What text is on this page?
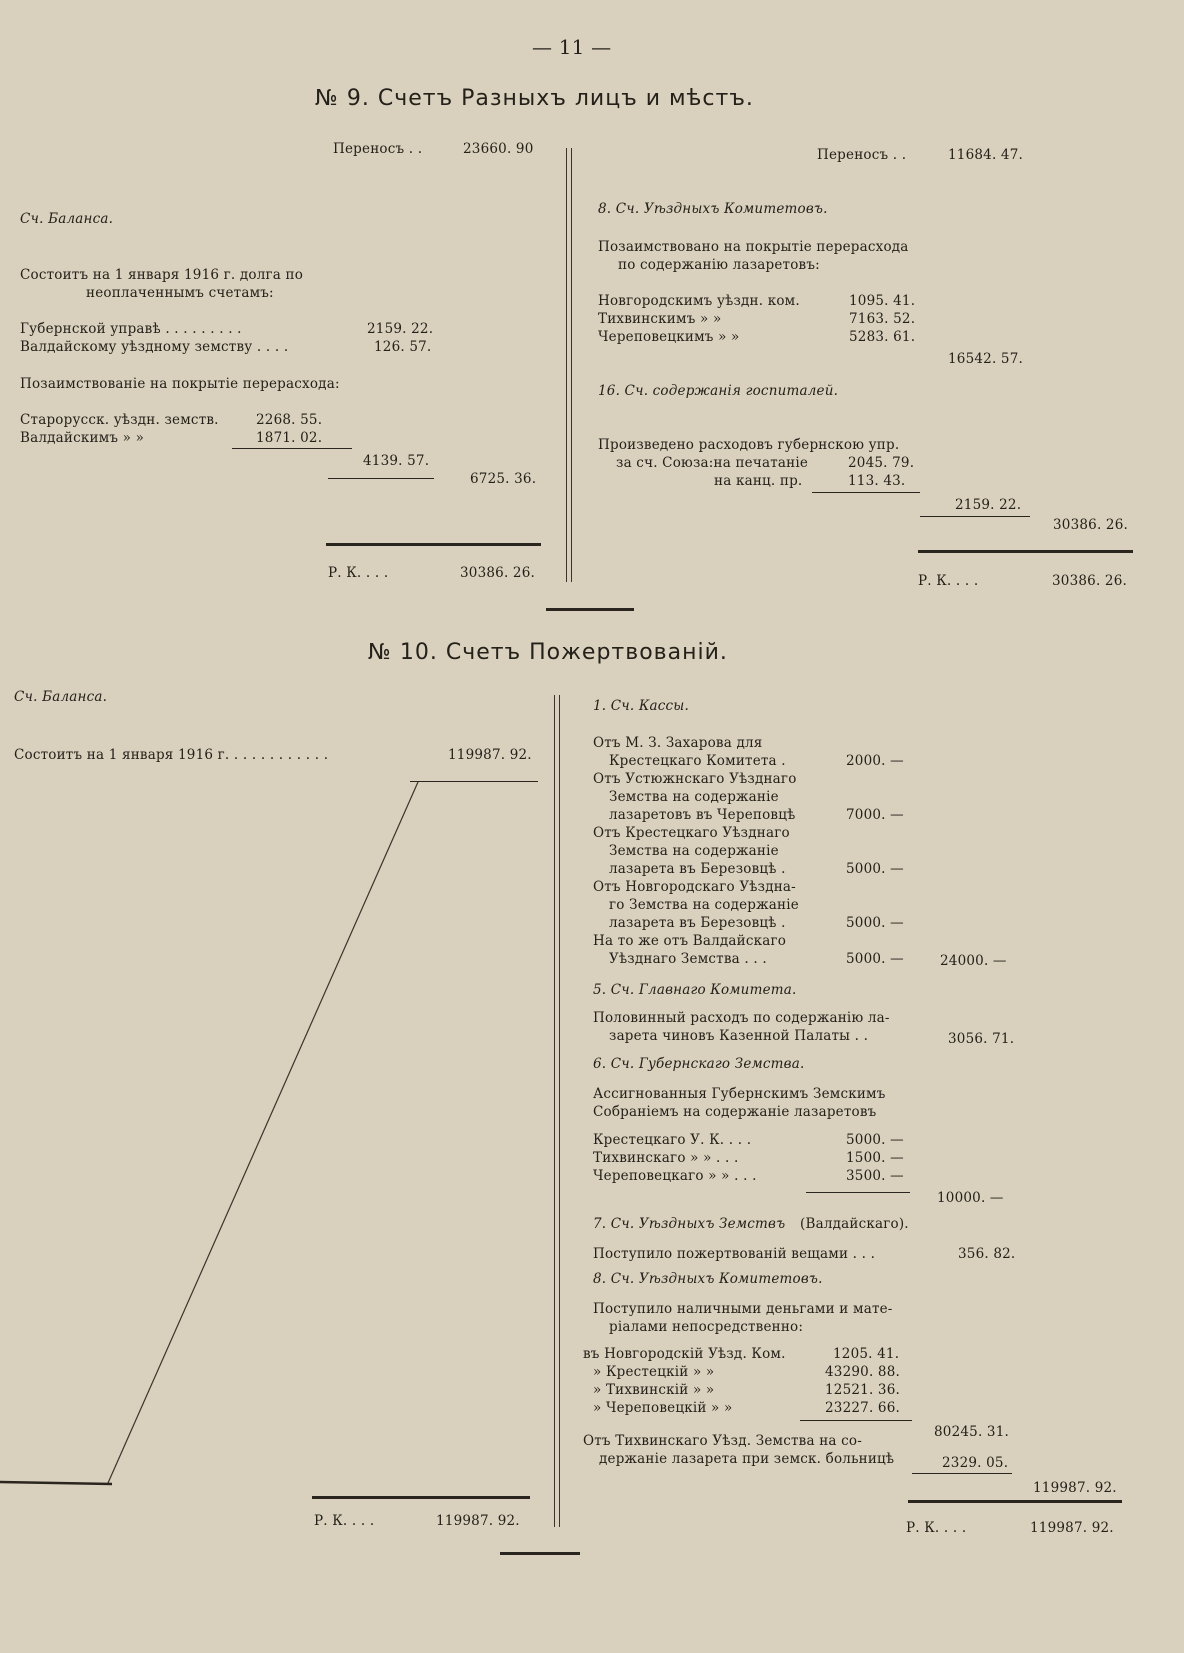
— 11 —
№ 9. Счетъ Разныхъ лицъ и мѣстъ.
Переносъ . .	23660. 90
Сч. Баланса.
Состоитъ на 1 января 1916 г. долга по
неоплаченнымъ счетамъ:
Губернской управѣ . . . . . . . . .	2159. 22.
Валдайскому уѣздному земству . . . .	126. 57.
Позаимствованіе на покрытіе перерасхода:
Старорусск. уѣздн. земств.	2268. 55.
Валдайскимъ » »	1871. 02.
4139. 57.
6725. 36.
Р. К. . . .	30386. 26.
Переносъ . .	11684. 47.
8. Сч. Уѣздныхъ Комитетовъ.
Позаимствовано на покрытіе перерасхода
по содержанію лазаретовъ:
Новгородскимъ уѣздн. ком.	1095. 41.
Тихвинскимъ » »	7163. 52.
Череповецкимъ » »	5283. 61.
16542. 57.
16. Сч. содержанія госпиталей.
Произведено расходовъ губернскою упр.
за сч. Союза:на печатаніе	2045. 79.
на канц. пр.	113. 43.
2159. 22.
30386. 26.
Р. К. . . .	30386. 26.
№ 10. Счетъ Пожертвованій.
Сч. Баланса.
Состоитъ на 1 января 1916 г. . . . . . . . . . . .	119987. 92.
Р. К. . . .	119987. 92.
1. Сч. Кассы.
Отъ М. З. Захарова для
Крестецкаго Комитета .	2000. —
Отъ Устюжнскаго Уѣзднаго
Земства на содержаніе
лазаретовъ въ Череповцѣ	7000. —
Отъ Крестецкаго Уѣзднаго
Земства на содержаніе
лазарета въ Березовцѣ .	5000. —
Отъ Новгородскаго Уѣздна-
го Земства на содержаніе
лазарета въ Березовцѣ .	5000. —
На то же отъ Валдайскаго
Уѣзднаго Земства . . .	5000. —	24000. —
5. Сч. Главнаго Комитета.
Половинный расходъ по содержанію ла-
зарета чиновъ Казенной Палаты . .	3056. 71.
6. Сч. Губернскаго Земства.
Ассигнованныя Губернскимъ Земскимъ
Собраніемъ на содержаніе лазаретовъ
Крестецкаго У. К. . . .	5000. —
Тихвинскаго » » . . .	1500. —
Череповецкаго » » . . .	3500. —
10000. —
7. Сч. Уѣздныхъ Земствъ (Валдайскаго).
Поступило пожертвованій вещами . . .	356. 82.
8. Сч. Уѣздныхъ Комитетовъ.
Поступило наличными деньгами и мате-
ріалами непосредственно:
въ Новгородскій Уѣзд. Ком.	1205. 41.
» Крестецкій » »	43290. 88.
» Тихвинскій » »	12521. 36.
» Череповецкій » »	23227. 66.
80245. 31.
Отъ Тихвинскаго Уѣзд. Земства на со-
держаніе лазарета при земск. больницѣ	2329. 05.
119987. 92.
Р. К. . . .	119987. 92.
